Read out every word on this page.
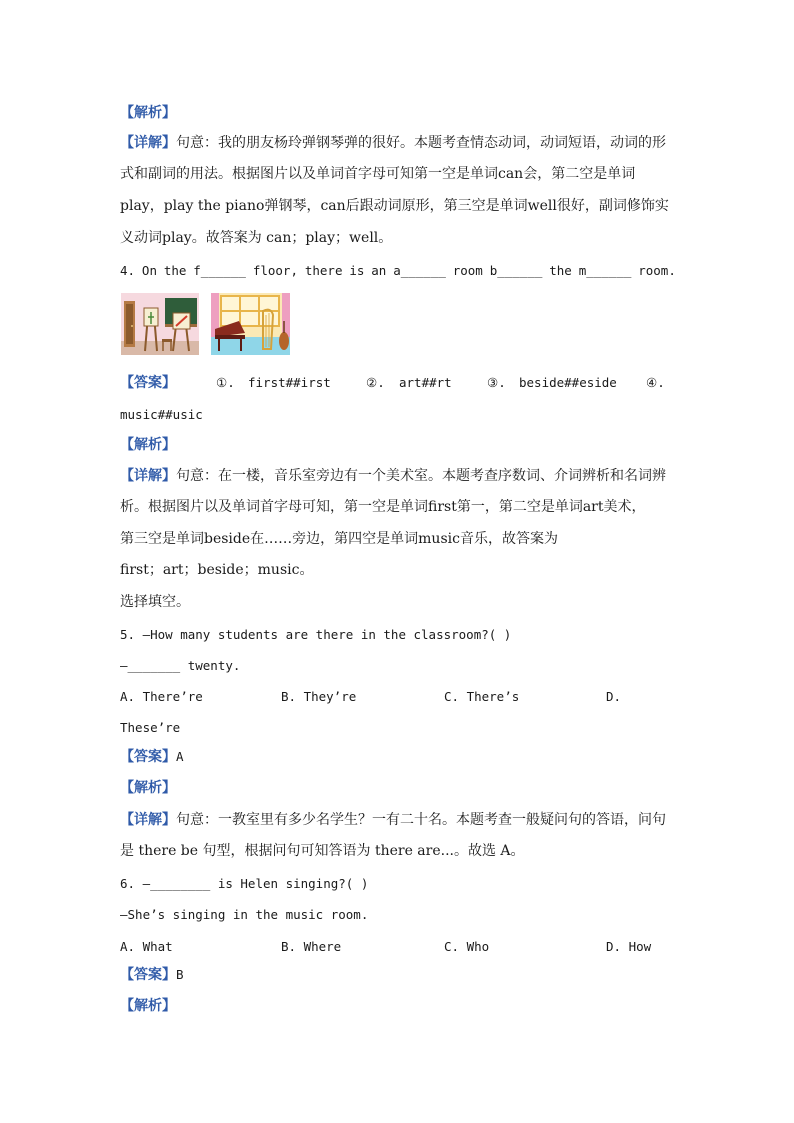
【解析】
【详解】句意：我的朋友杨玲弹钢琴弹的很好。本题考查情态动词，动词短语，动词的形
式和副词的用法。根据图片以及单词首字母可知第一空是单词can会，第二空是单词
play，play the piano弹钢琴，can后跟动词原形，第三空是单词well很好，副词修饰实
义动词play。故答案为 can；play；well。
4. On the f______ floor, there is an a______ room b______ the m______ room.
【答案】	①. first##irst	②. art##rt	③. beside##eside ④.
music##usic
【解析】
【详解】句意：在一楼，音乐室旁边有一个美术室。本题考查序数词、介词辨析和名词辨
析。根据图片以及单词首字母可知，第一空是单词first第一，第二空是单词art美术，
第三空是单词beside在……旁边，第四空是单词music音乐，故答案为
first；art；beside；music。
选择填空。
5. —How many students are there in the classroom?( )
—_______ twenty.
A. There’re	B. They’re	C. There’s	D.
These’re
【答案】A
【解析】
【详解】句意：一教室里有多少名学生？一有二十名。本题考查一般疑问句的答语，问句
是 there be 句型，根据问句可知答语为 there are...。故选 A。
6. —________ is Helen singing?( )
—She’s singing in the music room.
A. What	B. Where	C. Who	D. How
【答案】B
【解析】
